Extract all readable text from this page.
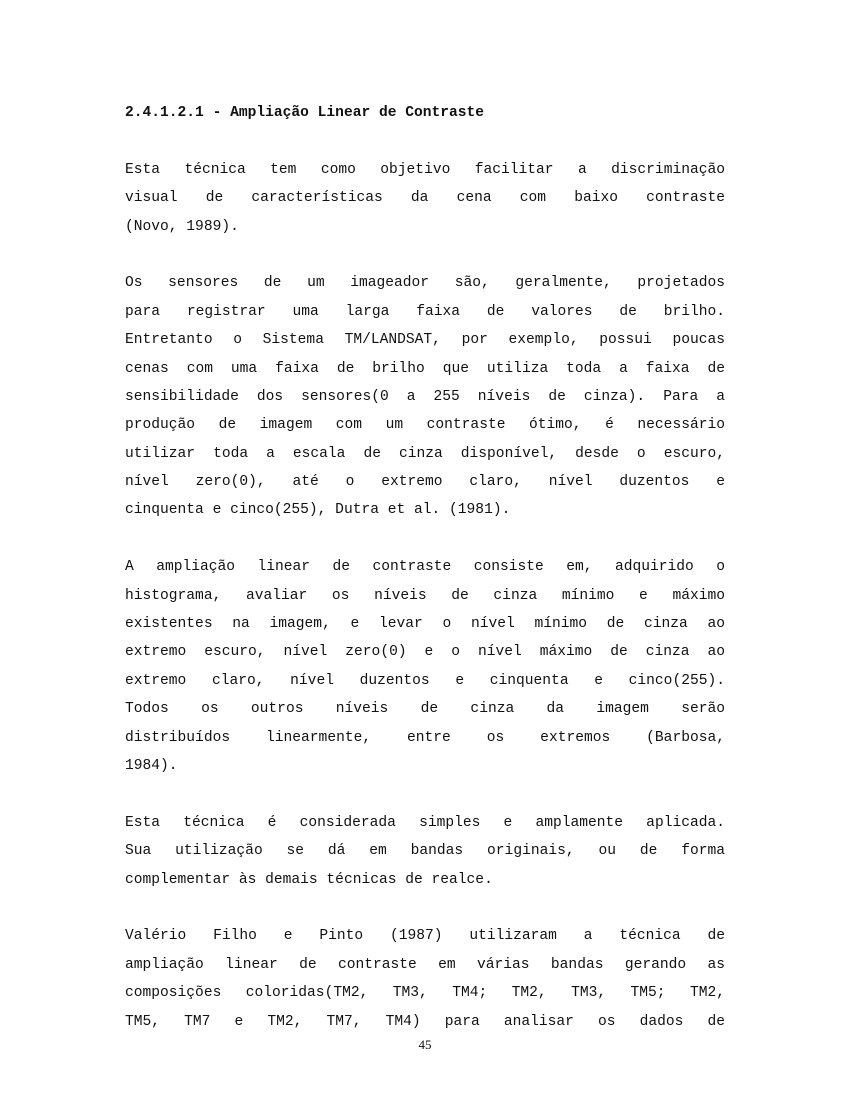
2.4.1.2.1 - Ampliação Linear de Contraste
Esta técnica tem como objetivo facilitar a discriminação
visual de características da cena com baixo contraste
(Novo, 1989).
Os sensores de um imageador são, geralmente, projetados
para registrar uma larga faixa de valores de brilho.
Entretanto o Sistema TM/LANDSAT, por exemplo, possui poucas
cenas com uma faixa de brilho que utiliza toda a faixa de
sensibilidade dos sensores(0 a 255 níveis de cinza). Para a
produção de imagem com um contraste ótimo, é necessário
utilizar toda a escala de cinza disponível, desde o escuro,
nível zero(0), até o extremo claro, nível duzentos e
cinquenta e cinco(255), Dutra et al. (1981).
A ampliação linear de contraste consiste em, adquirido o
histograma, avaliar os níveis de cinza mínimo e máximo
existentes na imagem, e levar o nível mínimo de cinza ao
extremo escuro, nível zero(0) e o nível máximo de cinza ao
extremo claro, nível duzentos e cinquenta e cinco(255).
Todos os outros níveis de cinza da imagem serão
distribuídos linearmente, entre os extremos (Barbosa,
1984).
Esta técnica é considerada simples e amplamente aplicada.
Sua utilização se dá em bandas originais, ou de forma
complementar às demais técnicas de realce.
Valério Filho e Pinto (1987) utilizaram a técnica de
ampliação linear de contraste em várias bandas gerando as
composições coloridas(TM2, TM3, TM4; TM2, TM3, TM5; TM2,
TM5, TM7 e TM2, TM7, TM4) para analisar os dados de
45
